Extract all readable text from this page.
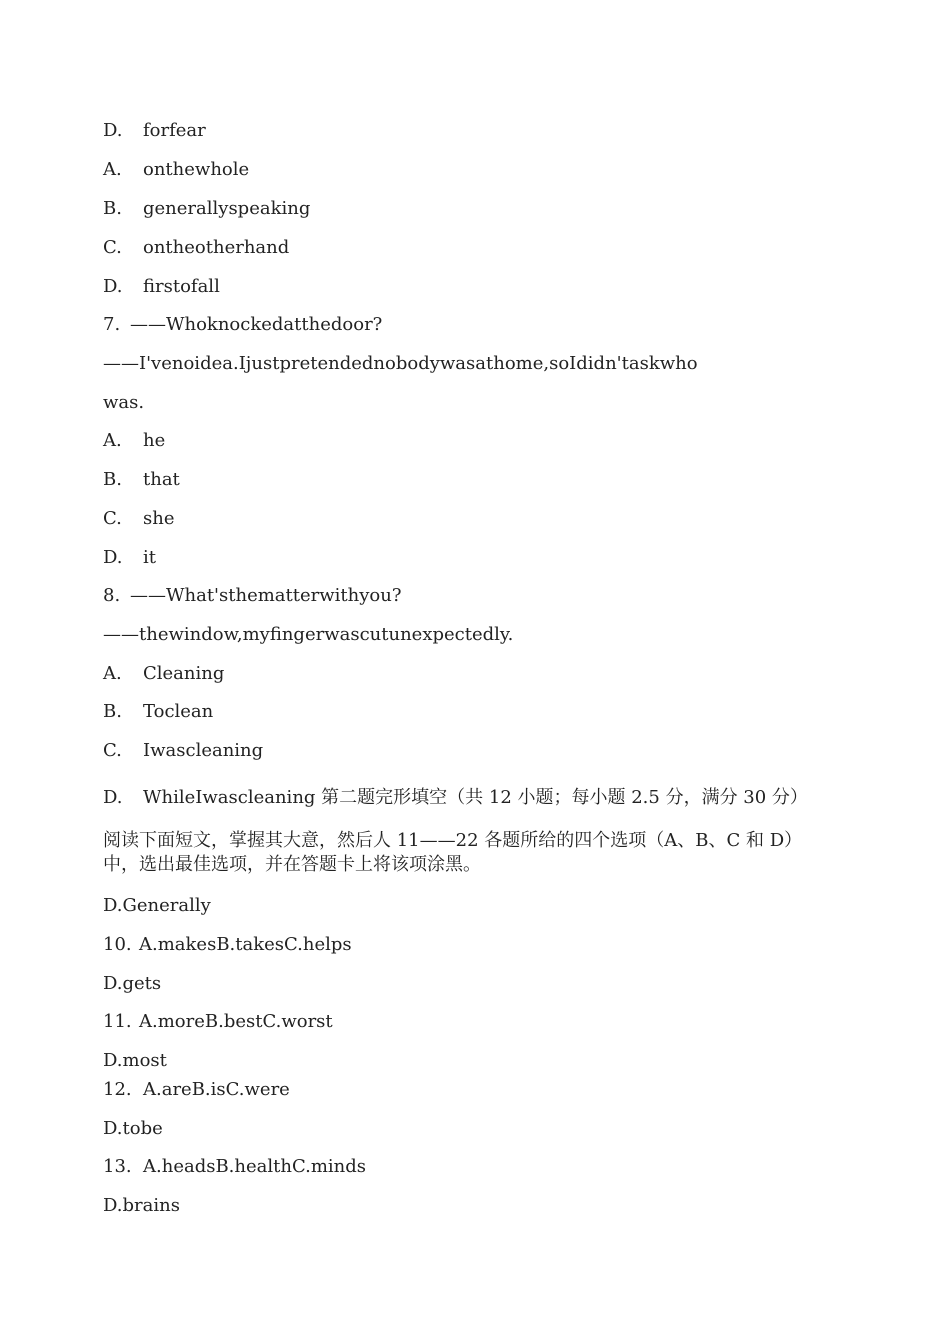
D. forfear
A. onthewhole
B. generallyspeaking
C. ontheotherhand
D. firstofall
7. ——Whoknockedatthedoor?
——I'venoidea.Ijustpretendednobodywasathome,soIdidn'taskwho
was.
A. he
B. that
C. she
D. it
8. ——What'sthematterwithyou?
——thewindow,myfingerwascutunexpectedly.
A. Cleaning
B. Toclean
C. Iwascleaning
D. WhileIwascleaning 第二题完形填空（共 12 小题；每小题 2.5 分，满分 30 分）
阅读下面短文，掌握其大意，然后人 11——22 各题所给的四个选项（A、B、C 和 D）中，选出最佳选项，并在答题卡上将该项涂黑。
D.Generally
10. A.makesB.takesC.helps
D.gets
11. A.moreB.bestC.worst
D.most
12. A.areB.isC.were
D.tobe
13. A.headsB.healthC.minds
D.brains
